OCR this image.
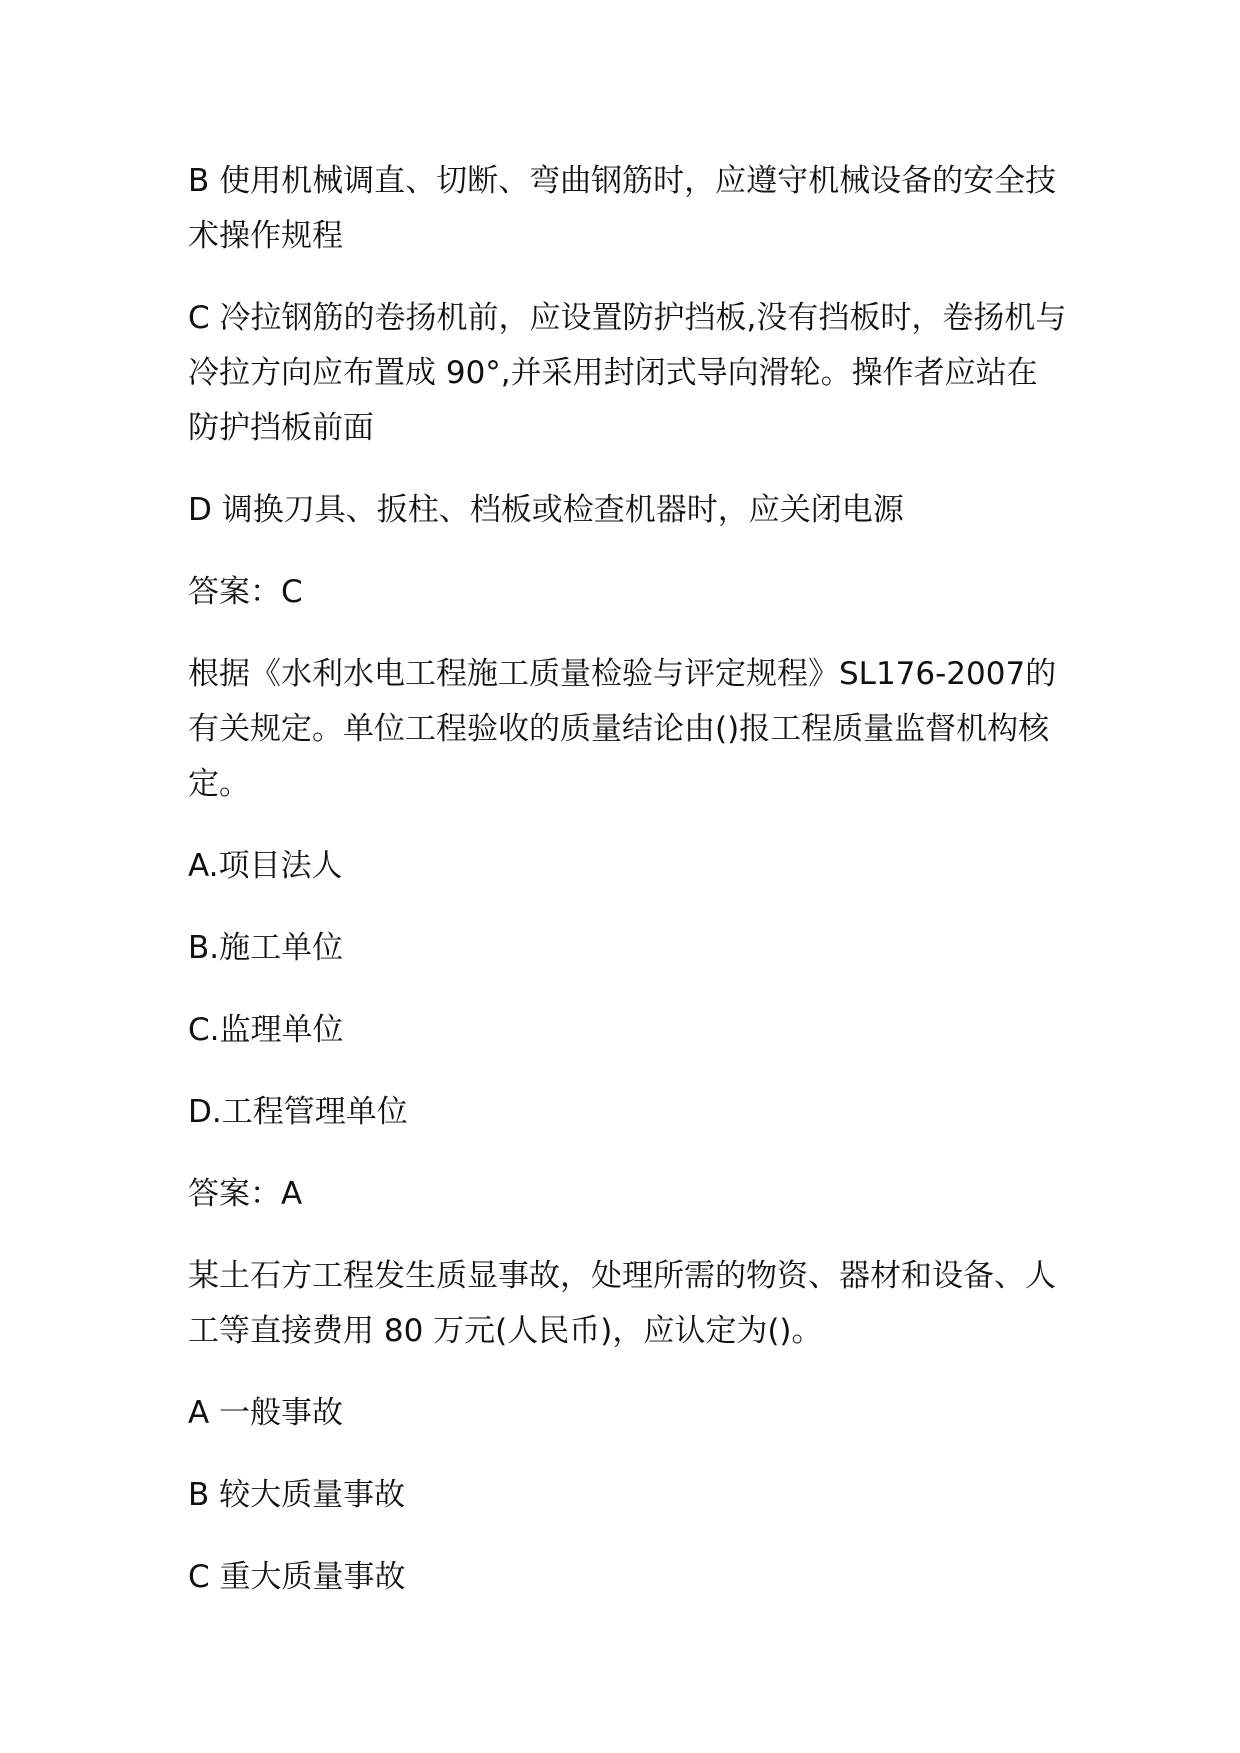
B 使用机械调直、切断、弯曲钢筋时，应遵守机械设备的安全技术操作规程

C 冷拉钢筋的卷扬机前，应设置防护挡板,没有挡板时，卷扬机与冷拉方向应布置成 90°,并采用封闭式导向滑轮。操作者应站在防护挡板前面

D 调换刀具、扳柱、档板或检查机器时，应关闭电源

答案：C

根据《水利水电工程施工质量检验与评定规程》SL176-2007的有关规定。单位工程验收的质量结论由()报工程质量监督机构核定。

A.项目法人

B.施工单位

C.监理单位

D.工程管理单位

答案：A

某土石方工程发生质显事故，处理所需的物资、器材和设备、人工等直接费用 80 万元(人民币)，应认定为()。

A 一般事故

B 较大质量事故

C 重大质量事故
